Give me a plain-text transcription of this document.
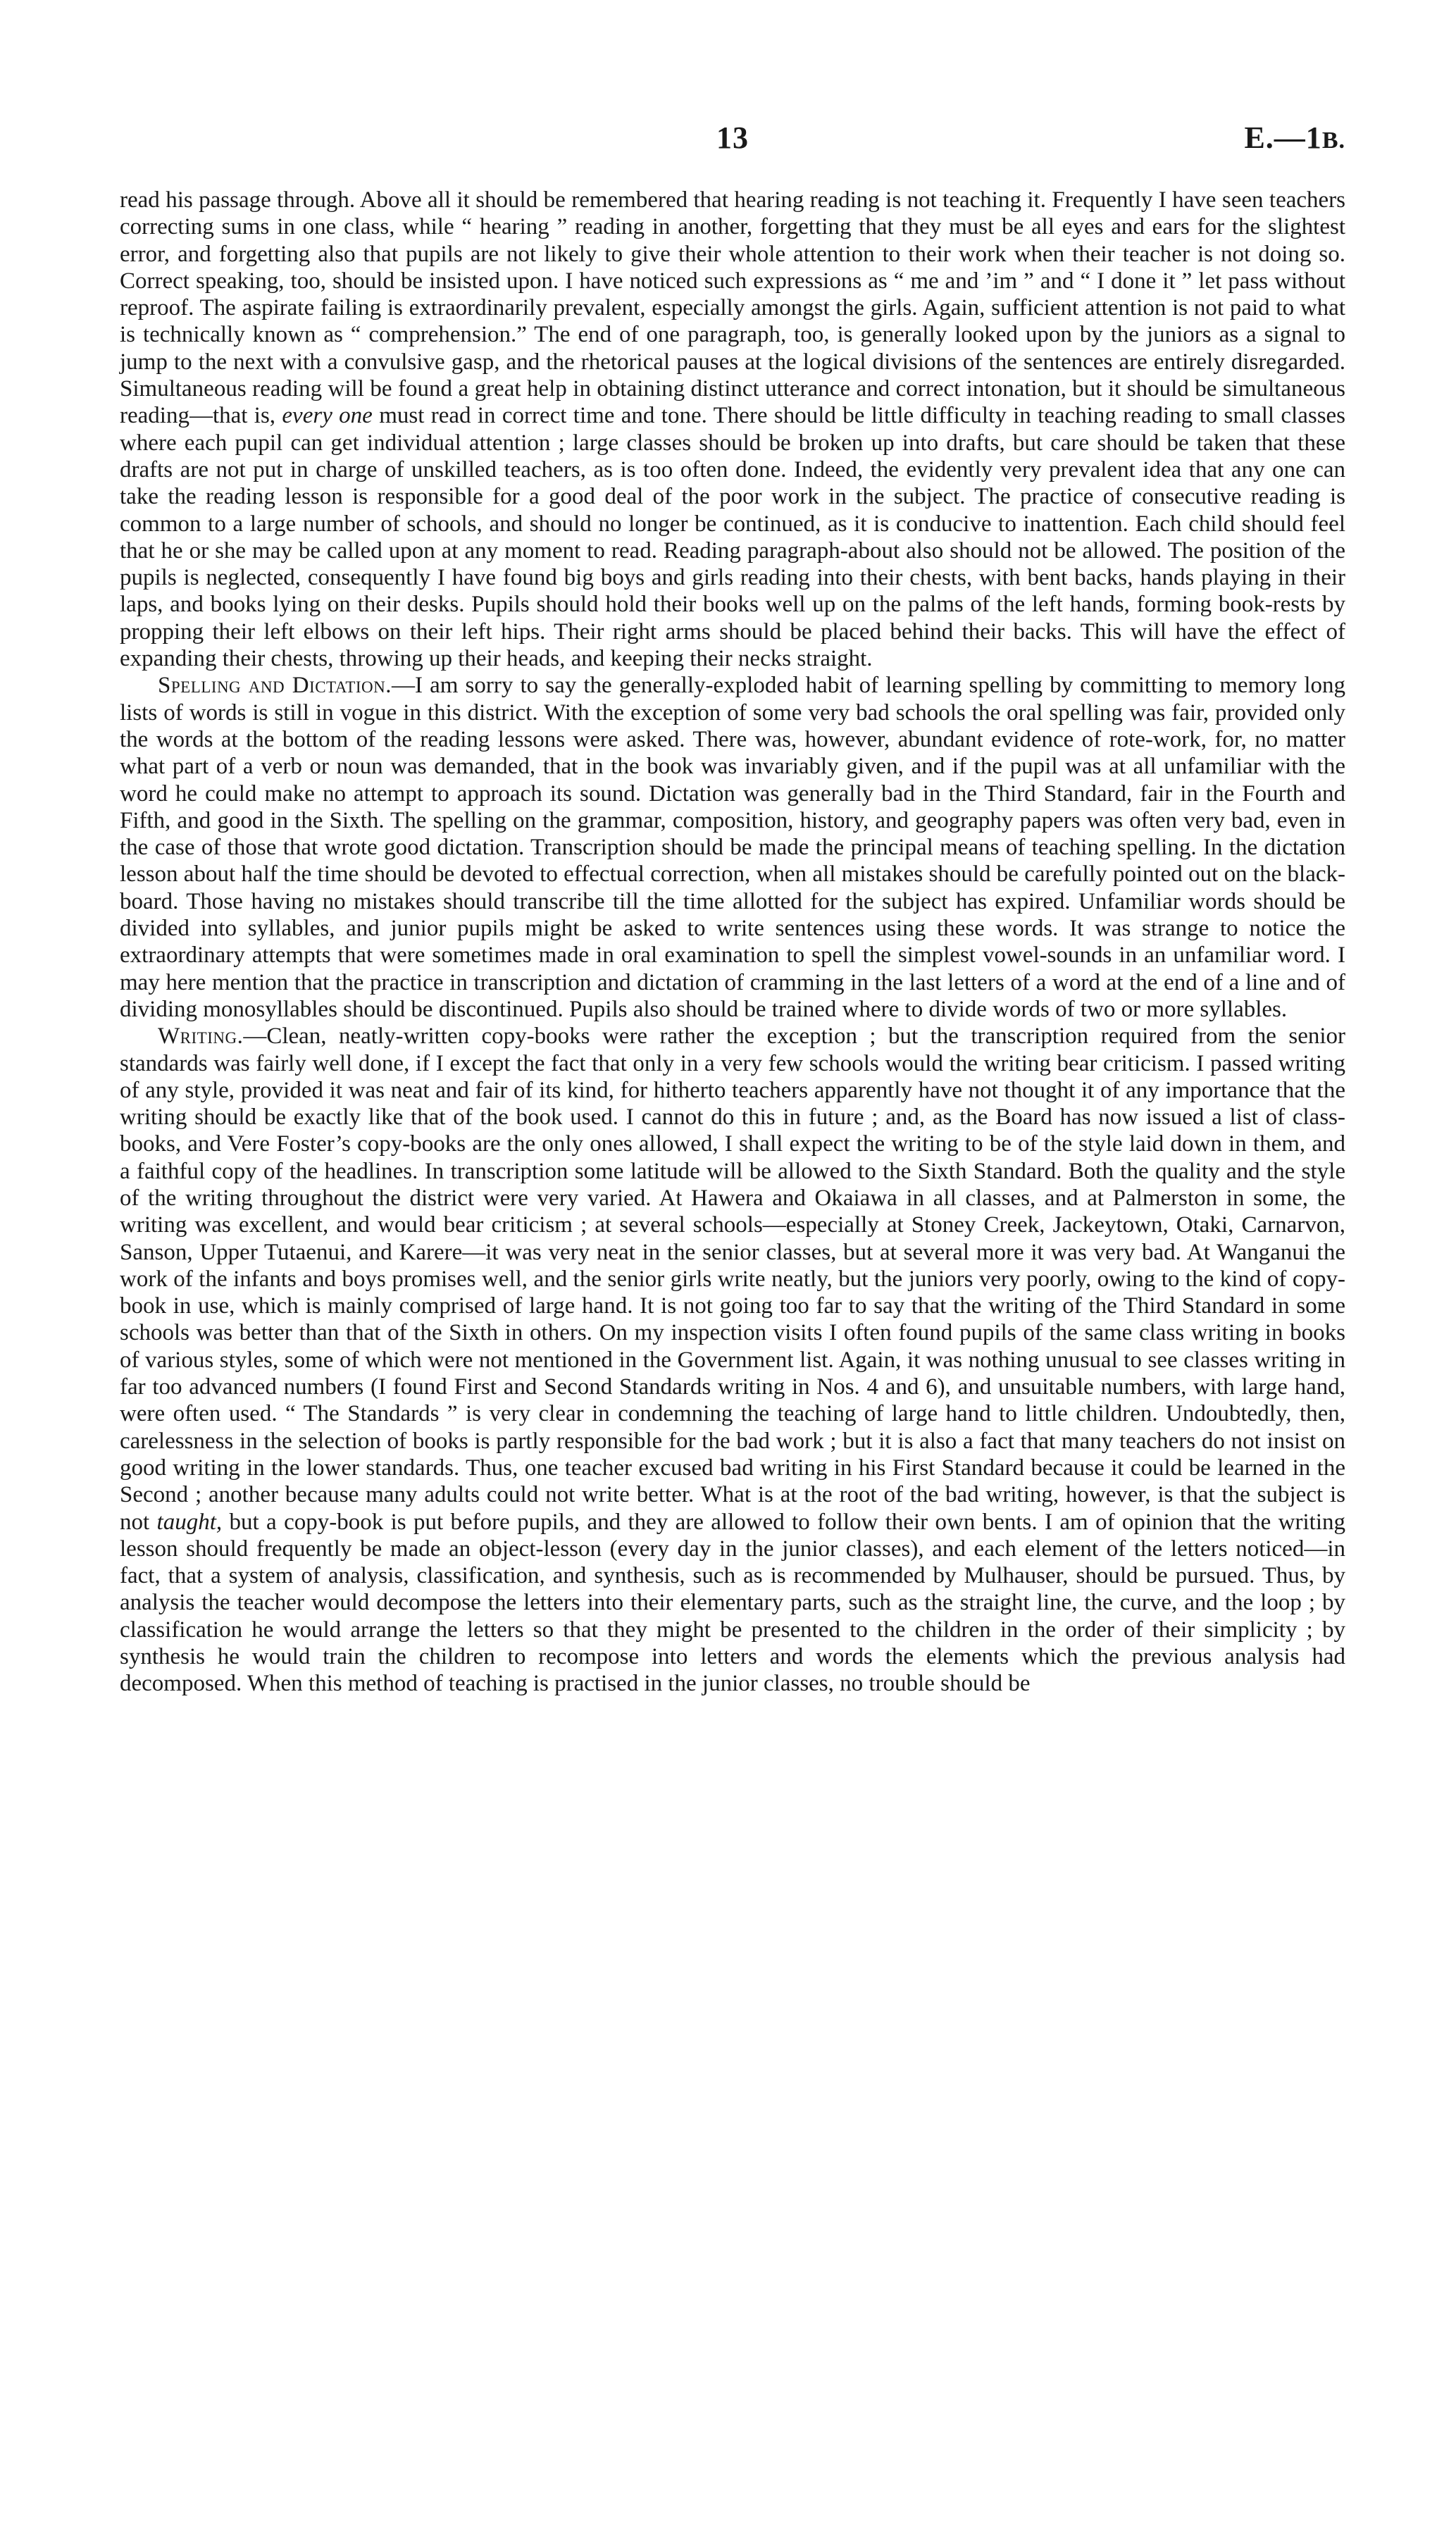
13	E.—1B.

read his passage through. Above all it should be remembered that hearing reading is not teaching it. Frequently I have seen teachers correcting sums in one class, while “ hearing ” reading in another, forgetting that they must be all eyes and ears for the slightest error, and forgetting also that pupils are not likely to give their whole attention to their work when their teacher is not doing so. Correct speaking, too, should be insisted upon. I have noticed such expressions as “ me and ’im ” and “ I done it ” let pass without reproof. The aspirate failing is extraordinarily prevalent, especially amongst the girls. Again, sufficient attention is not paid to what is technically known as “ comprehension.” The end of one paragraph, too, is generally looked upon by the juniors as a signal to jump to the next with a convulsive gasp, and the rhetorical pauses at the logical divisions of the sentences are entirely disregarded. Simultaneous reading will be found a great help in obtaining distinct utterance and correct intonation, but it should be simultaneous reading—that is, every one must read in correct time and tone. There should be little difficulty in teaching reading to small classes where each pupil can get individual attention ; large classes should be broken up into drafts, but care should be taken that these drafts are not put in charge of unskilled teachers, as is too often done. Indeed, the evidently very prevalent idea that any one can take the reading lesson is responsible for a good deal of the poor work in the subject. The practice of consecutive reading is common to a large number of schools, and should no longer be continued, as it is conducive to inattention. Each child should feel that he or she may be called upon at any moment to read. Reading paragraph-about also should not be allowed. The position of the pupils is neglected, consequently I have found big boys and girls reading into their chests, with bent backs, hands playing in their laps, and books lying on their desks. Pupils should hold their books well up on the palms of the left hands, forming book-rests by propping their left elbows on their left hips. Their right arms should be placed behind their backs. This will have the effect of expanding their chests, throwing up their heads, and keeping their necks straight.

Spelling and Dictation.—I am sorry to say the generally-exploded habit of learning spelling by committing to memory long lists of words is still in vogue in this district. With the exception of some very bad schools the oral spelling was fair, provided only the words at the bottom of the reading lessons were asked. There was, however, abundant evidence of rote-work, for, no matter what part of a verb or noun was demanded, that in the book was invariably given, and if the pupil was at all unfamiliar with the word he could make no attempt to approach its sound. Dictation was generally bad in the Third Standard, fair in the Fourth and Fifth, and good in the Sixth. The spelling on the grammar, composition, history, and geography papers was often very bad, even in the case of those that wrote good dictation. Transcription should be made the principal means of teaching spelling. In the dictation lesson about half the time should be devoted to effectual correction, when all mistakes should be carefully pointed out on the black-board. Those having no mistakes should transcribe till the time allotted for the subject has expired. Unfamiliar words should be divided into syllables, and junior pupils might be asked to write sentences using these words. It was strange to notice the extraordinary attempts that were sometimes made in oral examination to spell the simplest vowel-sounds in an unfamiliar word. I may here mention that the practice in transcription and dictation of cramming in the last letters of a word at the end of a line and of dividing monosyllables should be discontinued. Pupils also should be trained where to divide words of two or more syllables.

Writing.—Clean, neatly-written copy-books were rather the exception ; but the transcription required from the senior standards was fairly well done, if I except the fact that only in a very few schools would the writing bear criticism. I passed writing of any style, provided it was neat and fair of its kind, for hitherto teachers apparently have not thought it of any importance that the writing should be exactly like that of the book used. I cannot do this in future ; and, as the Board has now issued a list of class-books, and Vere Foster’s copy-books are the only ones allowed, I shall expect the writing to be of the style laid down in them, and a faithful copy of the headlines. In transcription some latitude will be allowed to the Sixth Standard. Both the quality and the style of the writing throughout the district were very varied. At Hawera and Okaiawa in all classes, and at Palmerston in some, the writing was excellent, and would bear criticism ; at several schools—especially at Stoney Creek, Jackeytown, Otaki, Carnarvon, Sanson, Upper Tutaenui, and Karere—it was very neat in the senior classes, but at several more it was very bad. At Wanganui the work of the infants and boys promises well, and the senior girls write neatly, but the juniors very poorly, owing to the kind of copy-book in use, which is mainly comprised of large hand. It is not going too far to say that the writing of the Third Standard in some schools was better than that of the Sixth in others. On my inspection visits I often found pupils of the same class writing in books of various styles, some of which were not mentioned in the Government list. Again, it was nothing unusual to see classes writing in far too advanced numbers (I found First and Second Standards writing in Nos. 4 and 6), and unsuitable numbers, with large hand, were often used. “ The Standards ” is very clear in condemning the teaching of large hand to little children. Undoubtedly, then, carelessness in the selection of books is partly responsible for the bad work ; but it is also a fact that many teachers do not insist on good writing in the lower standards. Thus, one teacher excused bad writing in his First Standard because it could be learned in the Second ; another because many adults could not write better. What is at the root of the bad writing, however, is that the subject is not taught, but a copy-book is put before pupils, and they are allowed to follow their own bents. I am of opinion that the writing lesson should frequently be made an object-lesson (every day in the junior classes), and each element of the letters noticed—in fact, that a system of analysis, classification, and synthesis, such as is recommended by Mulhauser, should be pursued. Thus, by analysis the teacher would decompose the letters into their elementary parts, such as the straight line, the curve, and the loop ; by classification he would arrange the letters so that they might be presented to the children in the order of their simplicity ; by synthesis he would train the children to recompose into letters and words the elements which the previous analysis had decomposed. When this method of teaching is practised in the junior classes, no trouble should be
